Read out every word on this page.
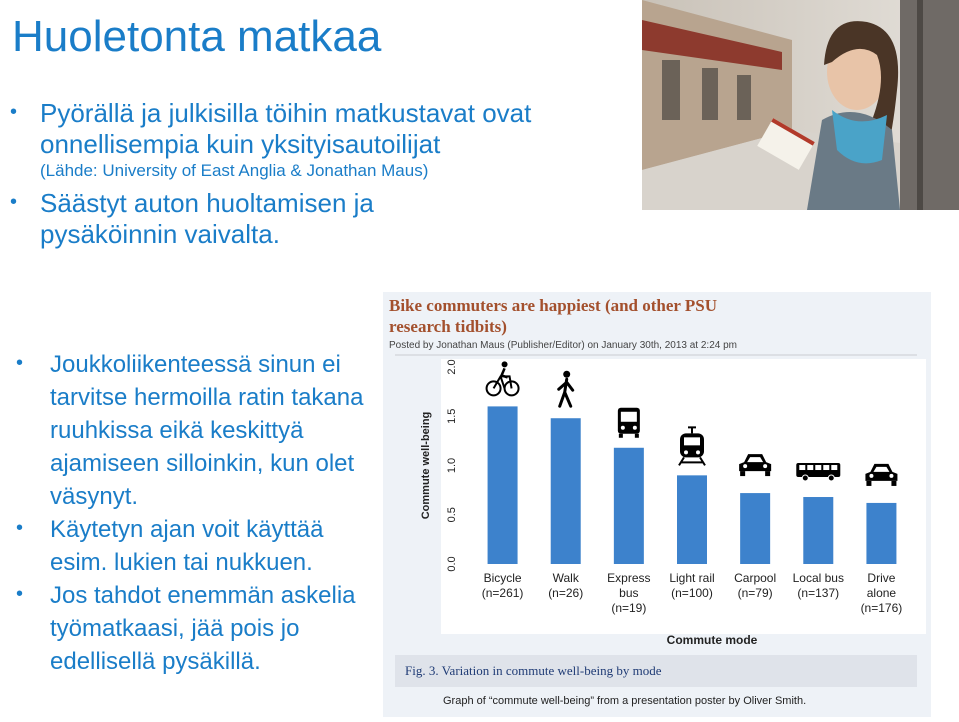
Huoletonta matkaa
• Pyörällä ja julkisilla töihin matkustavat ovat onnellisempia kuin yksityisautoilijat
(Lähde: University of East Anglia & Jonathan Maus)
• Säästyt auton huoltamisen ja pysäköinnin vaivalta.
• Joukkoliikenteessä sinun ei tarvitse hermoilla ratin takana ruuhkissa eikä keskittyä ajamiseen silloinkin, kun olet väsynyt.
• Käytetyn ajan voit käyttää esim. lukien tai nukkuen.
• Jos tahdot enemmän askelia työmatkaasi, jää pois jo edellisellä pysäkillä.
Bike commuters are happiest (and other PSU
research tidbits)
Posted by Jonathan Maus (Publisher/Editor) on January 30th, 2013 at 2:24 pm
Commute well-being
0.0
0.5
1.0
1.5
2.0
Bicycle
(n=261)
Walk
(n=26)
Express
bus
(n=19)
Light rail
(n=100)
Carpool
(n=79)
Local bus
(n=137)
Drive
alone
(n=176)
Commute mode
Fig. 3. Variation in commute well-being by mode
Graph of “commute well-being” from a presentation poster by Oliver Smith.
